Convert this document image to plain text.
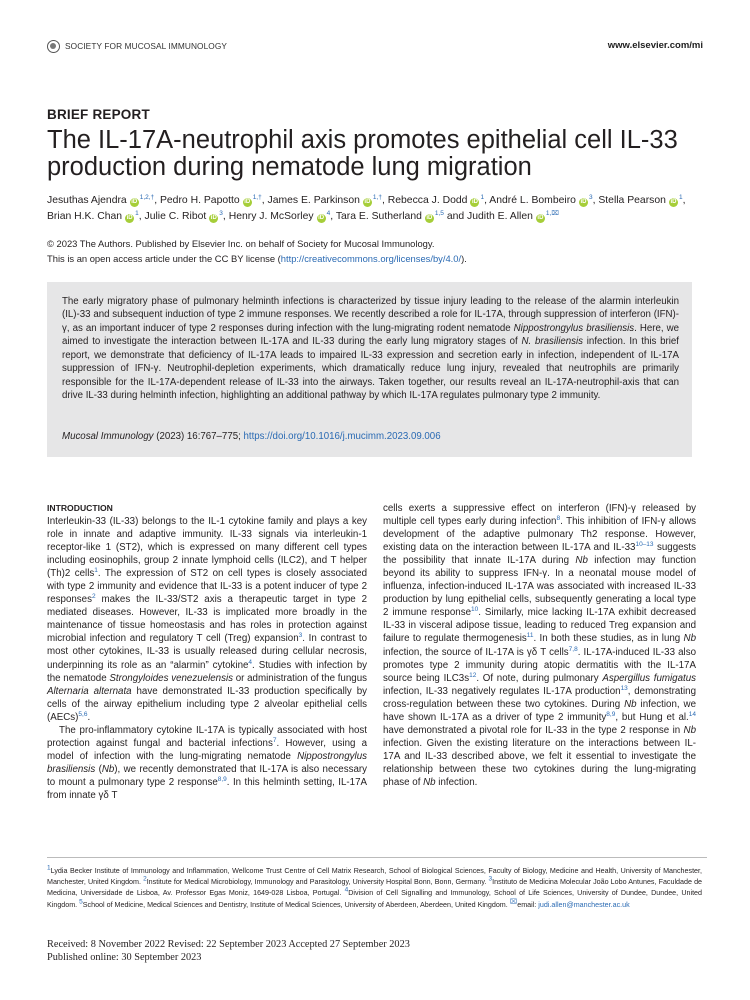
SOCIETY FOR MUCOSAL IMMUNOLOGY	www.elsevier.com/mi
BRIEF REPORT
The IL-17A-neutrophil axis promotes epithelial cell IL-33 production during nematode lung migration
Jesuthas Ajendra iD$^{1,2,\dagger}$, Pedro H. Papotto iD$^{1,\dagger}$, James E. Parkinson iD$^{1,\dagger}$, Rebecca J. Dodd iD$^1$, André L. Bombeiro iD$^3$, Stella Pearson iD$^1$, Brian H.K. Chan iD$^1$, Julie C. Ribot iD$^3$, Henry J. McSorley iD$^4$, Tara E. Sutherland iD$^{1,5}$ and Judith E. Allen iD$^{1,⌧}$
© 2023 The Authors. Published by Elsevier Inc. on behalf of Society for Mucosal Immunology.
This is an open access article under the CC BY license (http://creativecommons.org/licenses/by/4.0/).

The early migratory phase of pulmonary helminth infections is characterized by tissue injury leading to the release of the alarmin interleukin (IL)-33 and subsequent induction of type 2 immune responses. We recently described a role for IL-17A, through suppression of interferon (IFN)-γ, as an important inducer of type 2 responses during infection with the lung-migrating rodent nematode Nippostrongylus brasiliensis. Here, we aimed to investigate the interaction between IL-17A and IL-33 during the early lung migratory stages of N. brasiliensis infection. In this brief report, we demonstrate that deficiency of IL-17A leads to impaired IL-33 expression and secretion early in infection, independent of IL-17A suppression of IFN-γ. Neutrophil-depletion experiments, which dramatically reduce lung injury, revealed that neutrophils are primarily responsible for the IL-17A-dependent release of IL-33 into the airways. Taken together, our results reveal an IL-17A-neutrophil-axis that can drive IL-33 during helminth infection, highlighting an additional pathway by which IL-17A regulates pulmonary type 2 immunity.

Mucosal Immunology (2023) 16:767–775; https://doi.org/10.1016/j.mucimm.2023.09.006
INTRODUCTION

Interleukin-33 (IL-33) belongs to the IL-1 cytokine family and plays a key role in innate and adaptive immunity. IL-33 signals via interleukin-1 receptor-like 1 (ST2), which is expressed on many different cell types including eosinophils, group 2 innate lymphoid cells (ILC2), and T helper (Th)2 cells$^1$. The expression of ST2 on cell types is closely associated with type 2 immunity and evidence that IL-33 is a potent inducer of type 2 responses$^2$ makes the IL-33/ST2 axis a therapeutic target in type 2 mediated diseases. However, IL-33 is implicated more broadly in the maintenance of tissue homeostasis and has roles in protection against microbial infection and regulatory T cell (Treg) expansion$^3$. In contrast to most other cytokines, IL-33 is usually released during cellular necrosis, underpinning its role as an “alarmin” cytokine$^4$. Studies with infection by the nematode Strongyloides venezuelensis or administration of the fungus Alternaria alternata have demonstrated IL-33 production specifically by cells of the airway epithelium including type 2 alveolar epithelial cells (AECs)$^{5,6}$.

The pro-inflammatory cytokine IL-17A is typically associated with host protection against fungal and bacterial infections$^7$. However, using a model of infection with the lung-migrating nematode Nippostrongylus brasiliensis (Nb), we recently demonstrated that IL-17A is also necessary to mount a pulmonary type 2 response$^{8,9}$. In this helminth setting, IL-17A from innate γδ T

cells exerts a suppressive effect on interferon (IFN)-γ released by multiple cell types early during infection$^8$. This inhibition of IFN-γ allows development of the adaptive pulmonary Th2 response. However, existing data on the interaction between IL-17A and IL-33$^{10-13}$ suggests the possibility that innate IL-17A during Nb infection may function beyond its ability to suppress IFN-γ. In a neonatal mouse model of influenza, infection-induced IL-17A was associated with increased IL-33 production by lung epithelial cells, subsequently generating a local type 2 immune response$^{10}$. Similarly, mice lacking IL-17A exhibit decreased IL-33 in visceral adipose tissue, leading to reduced Treg expansion and failure to regulate thermogenesis$^{11}$. In both these studies, as in lung Nb infection, the source of IL-17A is γδ T cells$^{7,8}$. IL-17A-induced IL-33 also promotes type 2 immunity during atopic dermatitis with the IL-17A source being $ILC3s^{12}$. Of note, during pulmonary Aspergillus fumigatus infection, IL-33 negatively regulates IL-17A production$^{13}$, demonstrating cross-regulation between these two cytokines. During Nb infection, we have shown IL-17A as a driver of type 2 immunity$^{8,9}$, but Hung et al.$^{14}$ have demonstrated a pivotal role for IL-33 in the type 2 response in Nb infection. Given the existing literature on the interactions between IL-17A and IL-33 described above, we felt it essential to investigate the relationship between these two cytokines during the lung-migrating phase of Nb infection.

$^1$Lydia Becker Institute of Immunology and Inflammation, Wellcome Trust Centre of Cell Matrix Research, School of Biological Sciences, Faculty of Biology, Medicine and Health, University of Manchester, Manchester, United Kingdom. $^2$Institute for Medical Microbiology, Immunology and Parasitology, University Hospital Bonn, Bonn, Germany. $^3$Instituto de Medicina Molecular João Lobo Antunes, Faculdade de Medicina, Universidade de Lisboa, Av. Professor Egas Moniz, 1649-028 Lisboa, Portugal. $^4$Division of Cell Signalling and Immunology, School of Life Sciences, University of Dundee, Dundee, United Kingdom. $^5$School of Medicine, Medical Sciences and Dentistry, Institute of Medical Sciences, University of Aberdeen, Aberdeen, United Kingdom. ⌧email: judi.allen@manchester.ac.uk
Received: 8 November 2022 Revised: 22 September 2023 Accepted 27 September 2023
Published online: 30 September 2023
